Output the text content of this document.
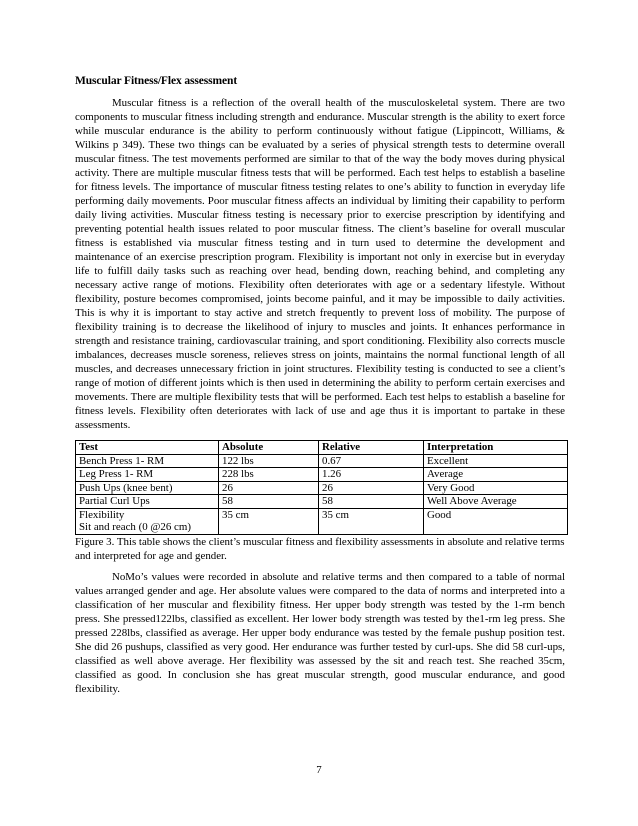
Muscular Fitness/Flex assessment

Muscular fitness is a reflection of the overall health of the musculoskeletal system. There are two components to muscular fitness including strength and endurance. Muscular strength is the ability to exert force while muscular endurance is the ability to perform continuously without fatigue (Lippincott, Williams, & Wilkins p 349). These two things can be evaluated by a series of physical strength tests to determine overall muscular fitness. The test movements performed are similar to that of the way the body moves during physical activity. There are multiple muscular fitness tests that will be performed. Each test helps to establish a baseline for fitness levels. The importance of muscular fitness testing relates to one’s ability to function in everyday life performing daily movements. Poor muscular fitness affects an individual by limiting their capability to perform daily living activities. Muscular fitness testing is necessary prior to exercise prescription by identifying and preventing potential health issues related to poor muscular fitness. The client’s baseline for overall muscular fitness is established via muscular fitness testing and in turn used to determine the development and maintenance of an exercise prescription program. Flexibility is important not only in exercise but in everyday life to fulfill daily tasks such as reaching over head, bending down, reaching behind, and completing any necessary active range of motions. Flexibility often deteriorates with age or a sedentary lifestyle. Without flexibility, posture becomes compromised, joints become painful, and it may be impossible to daily activities. This is why it is important to stay active and stretch frequently to prevent loss of mobility. The purpose of flexibility training is to decrease the likelihood of injury to muscles and joints. It enhances performance in strength and resistance training, cardiovascular training, and sport conditioning. Flexibility also corrects muscle imbalances, decreases muscle soreness, relieves stress on joints, maintains the normal functional length of all muscles, and decreases unnecessary friction in joint structures. Flexibility testing is conducted to see a client’s range of motion of different joints which is then used in determining the ability to perform certain exercises and movements. There are multiple flexibility tests that will be performed. Each test helps to establish a baseline for fitness levels. Flexibility often deteriorates with lack of use and age thus it is important to partake in these assessments.

Test	Absolute	Relative	Interpretation
Bench Press 1- RM	122 lbs	0.67	Excellent
Leg Press 1- RM	228 lbs	1.26	Average
Push Ups (knee bent)	26	26	Very Good
Partial Curl Ups	58	58	Well Above Average
Flexibility
Sit and reach (0 @26 cm)	35 cm	35 cm	Good
Figure 3. This table shows the client’s muscular fitness and flexibility assessments in absolute and relative terms and interpreted for age and gender.

NoMo’s values were recorded in absolute and relative terms and then compared to a table of normal values arranged gender and age. Her absolute values were compared to the data of norms and interpreted into a classification of her muscular and flexibility fitness. Her upper body strength was tested by the 1-rm bench press. She pressed122lbs, classified as excellent. Her lower body strength was tested by the1-rm leg press. She pressed 228lbs, classified as average. Her upper body endurance was tested by the female pushup position test. She did 26 pushups, classified as very good. Her endurance was further tested by curl-ups. She did 58 curl-ups, classified as well above average. Her flexibility was assessed by the sit and reach test. She reached 35cm, classified as good. In conclusion she has great muscular strength, good muscular endurance, and good flexibility.

7
